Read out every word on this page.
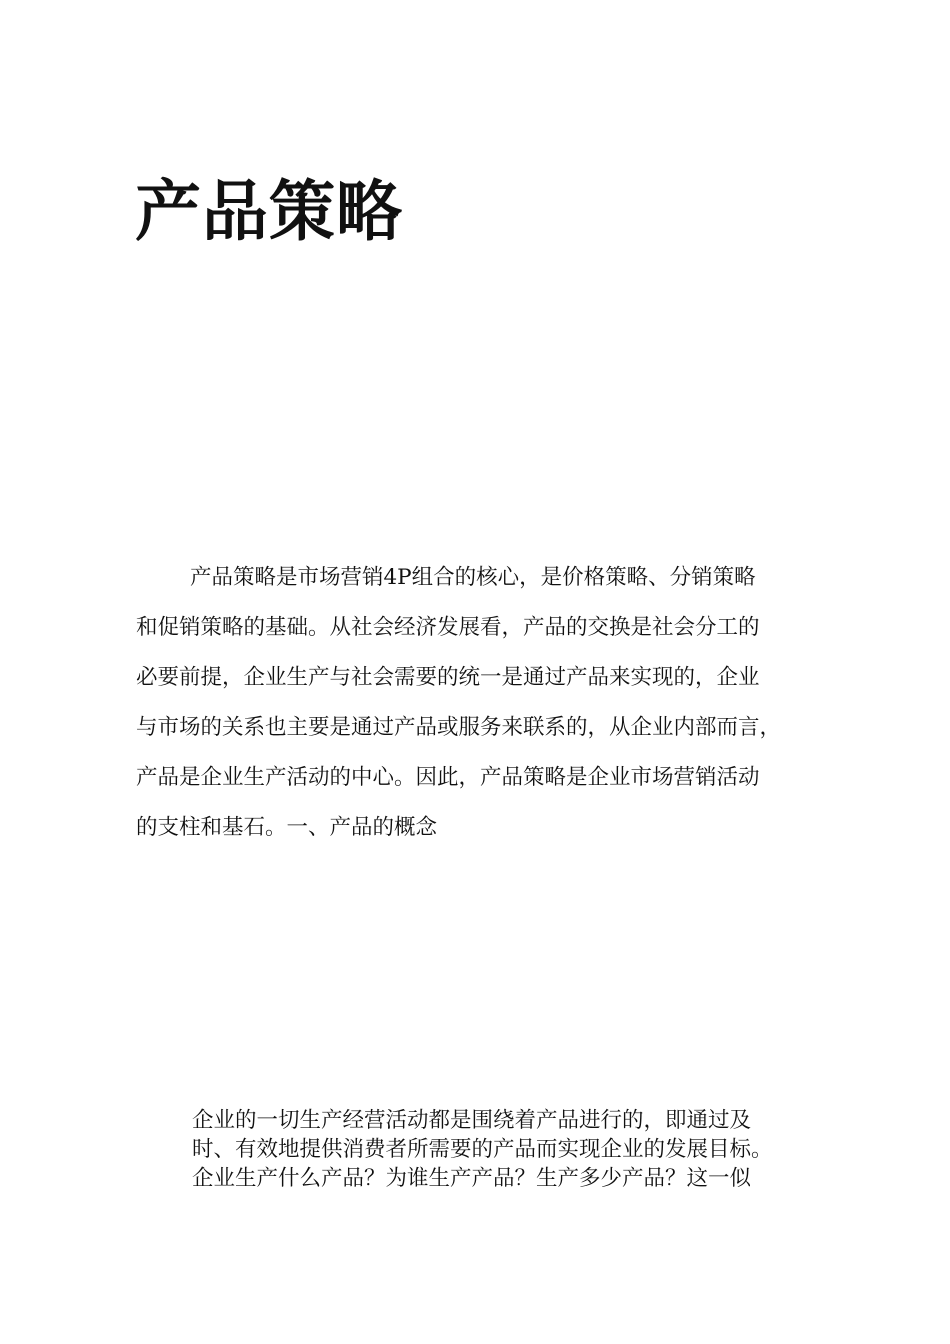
产品策略
产品策略是市场营销4P组合的核心，是价格策略、分销策略
和促销策略的基础。从社会经济发展看，产品的交换是社会分工的
必要前提，企业生产与社会需要的统一是通过产品来实现的，企业
与市场的关系也主要是通过产品或服务来联系的，从企业内部而言，
产品是企业生产活动的中心。因此，产品策略是企业市场营销活动
的支柱和基石。一、产品的概念
企业的一切生产经营活动都是围绕着产品进行的，即通过及
时、有效地提供消费者所需要的产品而实现企业的发展目标。
企业生产什么产品？为谁生产产品？生产多少产品？这一似
